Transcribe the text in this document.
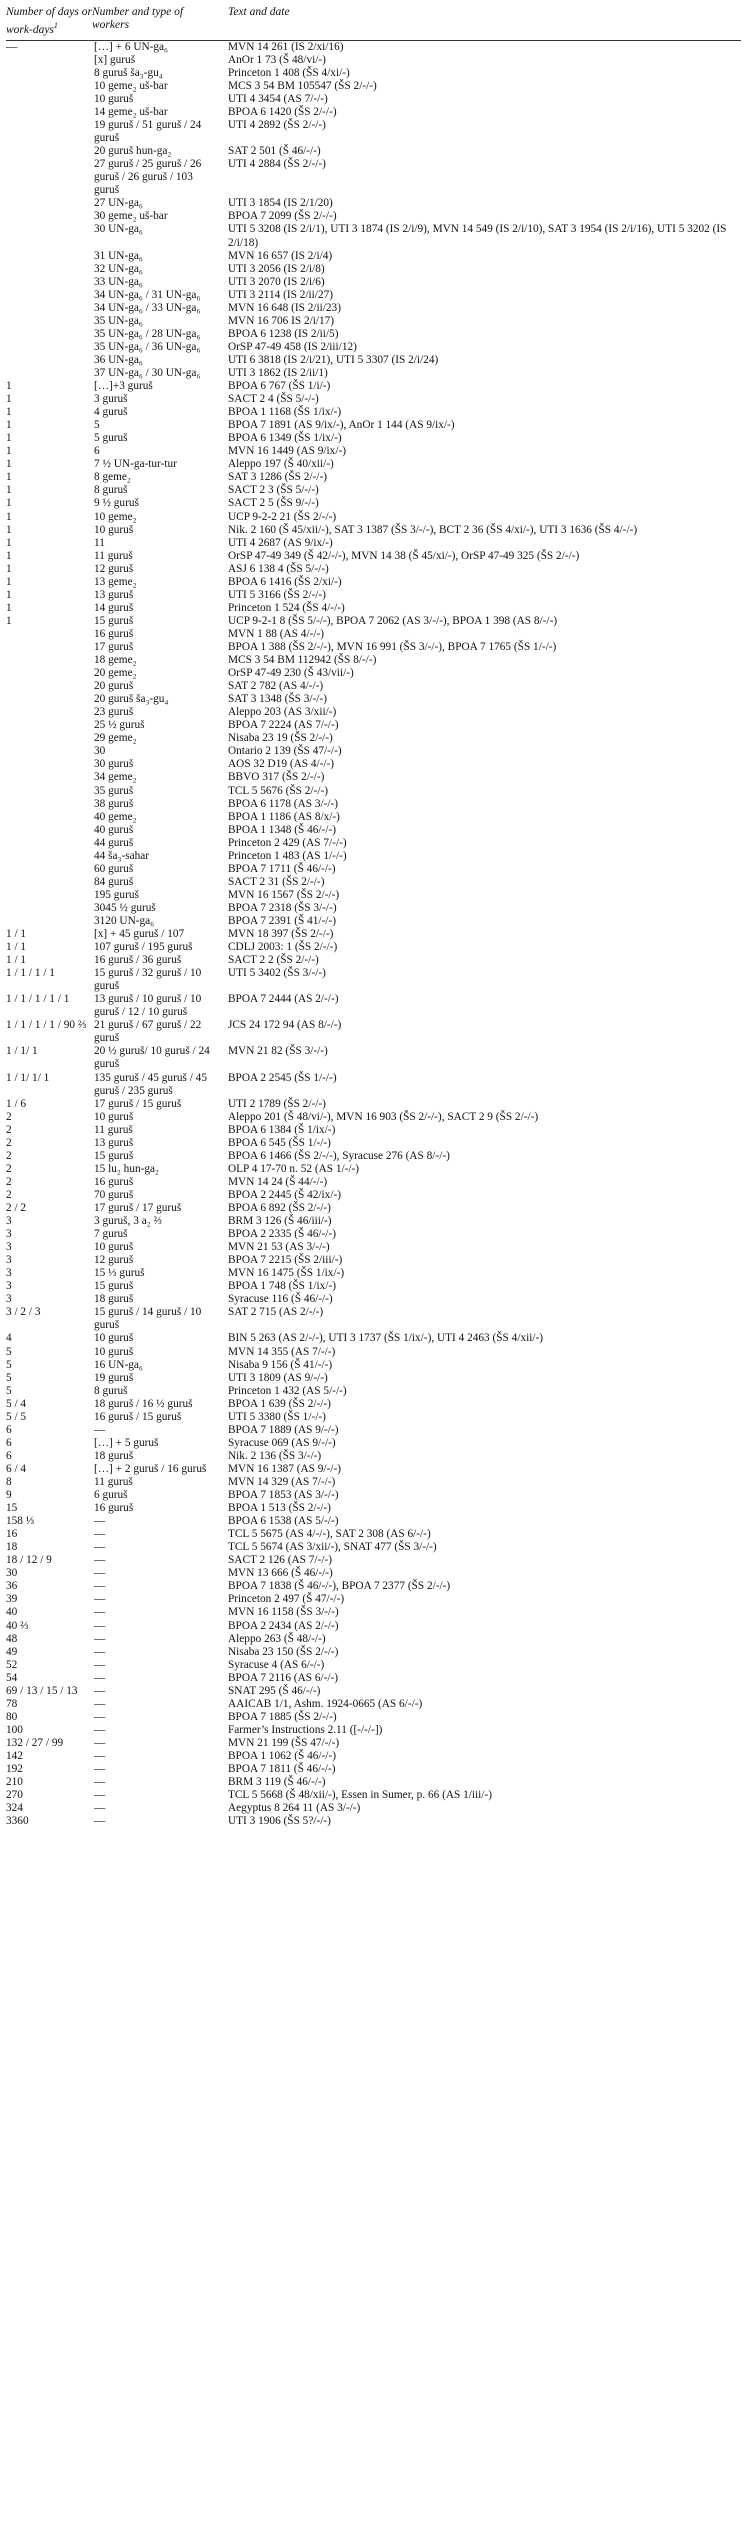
Number of days or work-days$^1$	Number and type of workers	Text and date
—	[…] + 6 UN-ga₆	MVN 14 261 (IS 2/xi/16)
	[x] guruš	AnOr 1 73 (Š 48/vi/-)
	8 guruš ša₃-gu₄	Princeton 1 408 (ŠS 4/xi/-)
	10 geme₂ uš-bar	MCS 3 54 BM 105547 (ŠS 2/-/-)
	10 guruš	UTI 4 3454 (AS 7/-/-)
	14 geme₂ uš-bar	BPOA 6 1420 (ŠS 2/-/-)
	19 guruš / 51 guruš / 24 guruš	UTI 4 2892 (ŠS 2/-/-)
	20 guruš hun-ga₂	SAT 2 501 (Š 46/-/-)
	27 guruš / 25 guruš / 26 guruš / 26 guruš / 103 guruš	UTI 4 2884 (ŠS 2/-/-)
	27 UN-ga₆	UTI 3 1854 (IS 2/1/20)
	30 geme₂ uš-bar	BPOA 7 2099 (ŠS 2/-/-)
	30 UN-ga₆	UTI 5 3208 (IS 2/i/1), UTI 3 1874 (IS 2/i/9), MVN 14 549 (IS 2/i/10), SAT 3 1954 (IS 2/i/16), UTI 5 3202 (IS 2/i/18)
	31 UN-ga₆	MVN 16 657 (IS 2/i/4)
	32 UN-ga₆	UTI 3 2056 (IS 2/i/8)
	33 UN-ga₆	UTI 3 2070 (IS 2/i/6)
	34 UN-ga₆ / 31 UN-ga₆	UTI 3 2114 (IS 2/ii/27)
	34 UN-ga₆ / 33 UN-ga₆	MVN 16 648 (IS 2/ii/23)
	35 UN-ga₆	MVN 16 706 IS 2/i/17)
	35 UN-ga₆ / 28 UN-ga₆	BPOA 6 1238 (IS 2/ii/5)
	35 UN-ga₆ / 36 UN-ga₆	OrSP 47-49 458 (IS 2/iii/12)
	36 UN-ga₆	UTI 6 3818 (IS 2/i/21), UTI 5 3307 (IS 2/i/24)
	37 UN-ga₆ / 30 UN-ga₆	UTI 3 1862 (IS 2/ii/1)
1	[…]+3 guruš	BPOA 6 767 (ŠS 1/i/-)
1	3 guruš	SACT 2 4 (ŠS 5/-/-)
1	4 guruš	BPOA 1 1168 (ŠS 1/ix/-)
1	5	BPOA 7 1891 (AS 9/ix/-), AnOr 1 144 (AS 9/ix/-)
1	5 guruš	BPOA 6 1349 (ŠS 1/ix/-)
1	6	MVN 16 1449 (AS 9/ix/-)
1	7 ½ UN-ga-tur-tur	Aleppo 197 (Š 40/xii/-)
1	8 geme₂	SAT 3 1286 (ŠS 2/-/-)
1	8 guruš	SACT 2 3 (ŠS 5/-/-)
1	9 ½ guruš	SACT 2 5 (ŠS 9/-/-)
1	10 geme₂	UCP 9-2-2 21 (ŠS 2/-/-)
1	10 guruš	Nik. 2 160 (Š 45/xii/-), SAT 3 1387 (ŠS 3/-/-), BCT 2 36 (ŠS 4/xi/-), UTI 3 1636 (ŠS 4/-/-)
1	11	UTI 4 2687 (AS 9/ix/-)
1	11 guruš	OrSP 47-49 349 (Š 42/-/-), MVN 14 38 (Š 45/xi/-), OrSP 47-49 325 (ŠS 2/-/-)
1	12 guruš	ASJ 6 138 4 (ŠS 5/-/-)
1	13 geme₂	BPOA 6 1416 (ŠS 2/xi/-)
1	13 guruš	UTI 5 3166 (ŠS 2/-/-)
1	14 guruš	Princeton 1 524 (ŠS 4/-/-)
1	15 guruš	UCP 9-2-1 8 (ŠS 5/-/-), BPOA 7 2062 (AS 3/-/-), BPOA 1 398 (AS 8/-/-)
	16 guruš	MVN 1 88 (AS 4/-/-)
	17 guruš	BPOA 1 388 (ŠS 2/-/-), MVN 16 991 (ŠS 3/-/-), BPOA 7 1765 (ŠS 1/-/-)
	18 geme₂	MCS 3 54 BM 112942 (ŠS 8/-/-)
	20 geme₂	OrSP 47-49 230 (Š 43/vii/-)
	20 guruš	SAT 2 782 (AS 4/-/-)
	20 guruš ša₃-gu₄	SAT 3 1348 (ŠS 3/-/-)
	23 guruš	Aleppo 203 (AS 3/xii/-)
	25 ½ guruš	BPOA 7 2224 (AS 7/-/-)
	29 geme₂	Nisaba 23 19 (ŠS 2/-/-)
	30	Ontario 2 139 (ŠS 47/-/-)
	30 guruš	AOS 32 D19 (AS 4/-/-)
	34 geme₂	BBVO 317 (ŠS 2/-/-)
	35 guruš	TCL 5 5676 (ŠS 2/-/-)
	38 guruš	BPOA 6 1178 (AS 3/-/-)
	40 geme₂	BPOA 1 1186 (AS 8/x/-)
	40 guruš	BPOA 1 1348 (Š 46/-/-)
	44 guruš	Princeton 2 429 (AS 7/-/-)
	44 ša₃-sahar	Princeton 1 483 (AS 1/-/-)
	60 guruš	BPOA 7 1711 (Š 46/-/-)
	84 guruš	SACT 2 31 (ŠS 2/-/-)
	195 guruš	MVN 16 1567 (ŠS 2/-/-)
	3045 ½ guruš	BPOA 7 2318 (ŠS 3/-/-)
	3120 UN-ga₆	BPOA 7 2391 (Š 41/-/-)
1 / 1	[x] + 45 guruš / 107	MVN 18 397 (ŠS 2/-/-)
1 / 1	107 guruš / 195 guruš	CDLJ 2003: 1 (ŠS 2/-/-)
1 / 1	16 guruš / 36 guruš	SACT 2 2 (ŠS 2/-/-)
1 / 1 / 1 / 1	15 guruš / 32 guruš / 10 guruš	UTI 5 3402 (ŠS 3/-/-)
1 / 1 / 1 / 1 / 1	13 guruš / 10 guruš / 10 guruš / 12 / 10 guruš	BPOA 7 2444 (AS 2/-/-)
1 / 1 / 1 / 1 / 90 ⅔	21 guruš / 67 guruš / 22 guruš	JCS 24 172 94 (AS 8/-/-)
1 / 1/ 1	20 ½ guruš/ 10 guruš / 24 guruš	MVN 21 82 (ŠS 3/-/-)
1 / 1/ 1/ 1	135 guruš / 45 guruš / 45 guruš / 235 guruš	BPOA 2 2545 (ŠS 1/-/-)
1 / 6	17 guruš / 15 guruš	UTI 2 1789 (ŠS 2/-/-)
2	10 guruš	Aleppo 201 (Š 48/vi/-), MVN 16 903 (ŠS 2/-/-), SACT 2 9 (ŠS 2/-/-)
2	11 guruš	BPOA 6 1384 (Š 1/ix/-)
2	13 guruš	BPOA 6 545 (ŠS 1/-/-)
2	15 guruš	BPOA 6 1466 (ŠS 2/-/-), Syracuse 276 (AS 8/-/-)
2	15 lu₂ hun-ga₂	OLP 4 17-70 n. 52 (AS 1/-/-)
2	16 guruš	MVN 14 24 (Š 44/-/-)
2	70 guruš	BPOA 2 2445 (Š 42/ix/-)
2 / 2	17 guruš / 17 guruš	BPOA 6 892 (ŠS 2/-/-)
3	3 guruš, 3 a₂ ⅔	BRM 3 126 (Š 46/iii/-)
3	7 guruš	BPOA 2 2335 (Š 46/-/-)
3	10 guruš	MVN 21 53 (AS 3/-/-)
3	12 guruš	BPOA 7 2215 (ŠS 2/iii/-)
3	15 ⅓ guruš	MVN 16 1475 (ŠS 1/ix/-)
3	15 guruš	BPOA 1 748 (ŠS 1/ix/-)
3	18 guruš	Syracuse 116 (Š 46/-/-)
3 / 2 / 3	15 guruš / 14 guruš / 10 guruš	SAT 2 715 (AS 2/-/-)
4	10 guruš	BIN 5 263 (AS 2/-/-), UTI 3 1737 (ŠS 1/ix/-), UTI 4 2463 (ŠS 4/xii/-)
5	10 guruš	MVN 14 355 (AS 7/-/-)
5	16 UN-ga₆	Nisaba 9 156 (Š 41/-/-)
5	19 guruš	UTI 3 1809 (AS 9/-/-)
5	8 guruš	Princeton 1 432 (AS 5/-/-)
5 / 4	18 guruš / 16 ½ guruš	BPOA 1 639 (ŠS 2/-/-)
5 / 5	16 guruš / 15 guruš	UTI 5 3380 (ŠS 1/-/-)
6	—	BPOA 7 1889 (AS 9/-/-)
6	[…] + 5 guruš	Syracuse 069 (AS 9/-/-)
6	18 guruš	Nik. 2 136 (ŠS 3/-/-)
6 / 4	[…] + 2 guruš / 16 guruš	MVN 16 1387 (AS 9/-/-)
8	11 guruš	MVN 14 329 (AS 7/-/-)
9	6 guruš	BPOA 7 1853 (AS 3/-/-)
15	16 guruš	BPOA 1 513 (ŠS 2/-/-)
158 ⅓	—	BPOA 6 1538 (AS 5/-/-)
16	—	TCL 5 5675 (AS 4/-/-), SAT 2 308 (AS 6/-/-)
18	—	TCL 5 5674 (AS 3/xii/-), SNAT 477 (ŠS 3/-/-)
18 / 12 / 9	—	SACT 2 126 (AS 7/-/-)
30	—	MVN 13 666 (Š 46/-/-)
36	—	BPOA 7 1838 (Š 46/-/-), BPOA 7 2377 (ŠS 2/-/-)
39	—	Princeton 2 497 (Š 47/-/-)
40	—	MVN 16 1158 (ŠS 3/-/-)
40 ⅔	—	BPOA 2 2434 (AS 2/-/-)
48	—	Aleppo 263 (Š 48/-/-)
49	—	Nisaba 23 150 (ŠS 2/-/-)
52	—	Syracuse 4 (AS 6/-/-)
54	—	BPOA 7 2116 (AS 6/-/-)
69 / 13 / 15 / 13	—	SNAT 295 (Š 46/-/-)
78	—	AAICAB 1/1, Ashm. 1924-0665 (AS 6/-/-)
80	—	BPOA 7 1885 (ŠS 2/-/-)
100	—	Farmer’s Instructions 2.11 ([-/-/-])
132 / 27 / 99	—	MVN 21 199 (ŠS 47/-/-)
142	—	BPOA 1 1062 (Š 46/-/-)
192	—	BPOA 7 1811 (Š 46/-/-)
210	—	BRM 3 119 (Š 46/-/-)
270	—	TCL 5 5668 (Š 48/xii/-), Essen in Sumer, p. 66 (AS 1/iii/-)
324	—	Aegyptus 8 264 11 (AS 3/-/-)
3360	—	UTI 3 1906 (ŠS 5?/-/-)
